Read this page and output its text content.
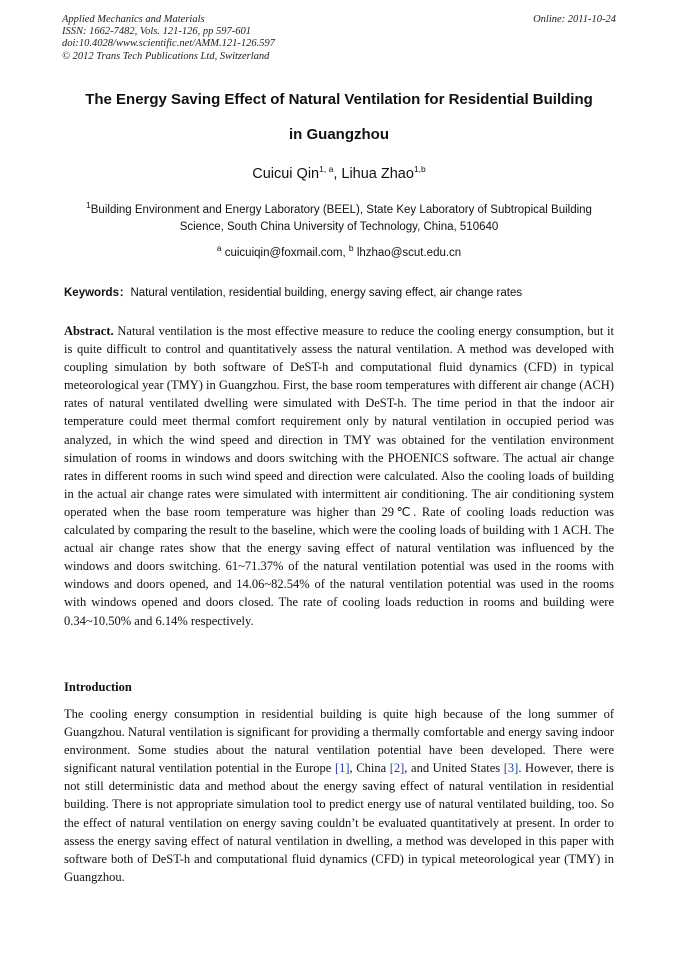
Applied Mechanics and Materials
ISSN: 1662-7482, Vols. 121-126, pp 597-601
doi:10.4028/www.scientific.net/AMM.121-126.597
© 2012 Trans Tech Publications Ltd, Switzerland
Online: 2011-10-24
The Energy Saving Effect of Natural Ventilation for Residential Building
in Guangzhou
Cuicui Qin$^{1, a}$, Lihua Zhao$^{1,b}$
$^1$Building Environment and Energy Laboratory (BEEL), State Key Laboratory of Subtropical Building
Science, South China University of Technology, China, 510640
$^a$ cuicuiqin@foxmail.com, $^b$ lhzhao@scut.edu.cn
Keywords：Natural ventilation, residential building, energy saving effect, air change rates
Abstract. Natural ventilation is the most effective measure to reduce the cooling energy consumption, but it is quite difficult to control and quantitatively assess the natural ventilation. A method was developed with coupling simulation by both software of DeST-h and computational fluid dynamics (CFD) in typical meteorological year (TMY) in Guangzhou. First, the base room temperatures with different air change (ACH) rates of natural ventilated dwelling were simulated with DeST-h. The time period in that the indoor air temperature could meet thermal comfort requirement only by natural ventilation in occupied period was analyzed, in which the wind speed and direction in TMY was obtained for the ventilation environment simulation of rooms in windows and doors switching with the PHOENICS software. The actual air change rates in different rooms in such wind speed and direction were calculated. Also the cooling loads of building in the actual air change rates were simulated with intermittent air conditioning. The air conditioning system operated when the base room temperature was higher than 29℃. Rate of cooling loads reduction was calculated by comparing the result to the baseline, which were the cooling loads of building with 1 ACH. The actual air change rates show that the energy saving effect of natural ventilation was influenced by the windows and doors switching. 61~71.37% of the natural ventilation potential was used in the rooms with windows and doors opened, and 14.06~82.54% of the natural ventilation potential was used in the rooms with windows opened and doors closed. The rate of cooling loads reduction in rooms and building were 0.34~10.50% and 6.14% respectively.
Introduction
The cooling energy consumption in residential building is quite high because of the long summer of Guangzhou. Natural ventilation is significant for providing a thermally comfortable and energy saving indoor environment. Some studies about the natural ventilation potential have been developed. There were significant natural ventilation potential in the Europe [1], China [2], and United States [3]. However, there is not still deterministic data and method about the energy saving effect of natural ventilation in residential building. There is not appropriate simulation tool to predict energy use of natural ventilated building, too. So the effect of natural ventilation on energy saving couldn’t be evaluated quantitatively at present. In order to assess the energy saving effect of natural ventilation in dwelling, a method was developed in this paper with software both of DeST-h and computational fluid dynamics (CFD) in typical meteorological year (TMY) in Guangzhou.
